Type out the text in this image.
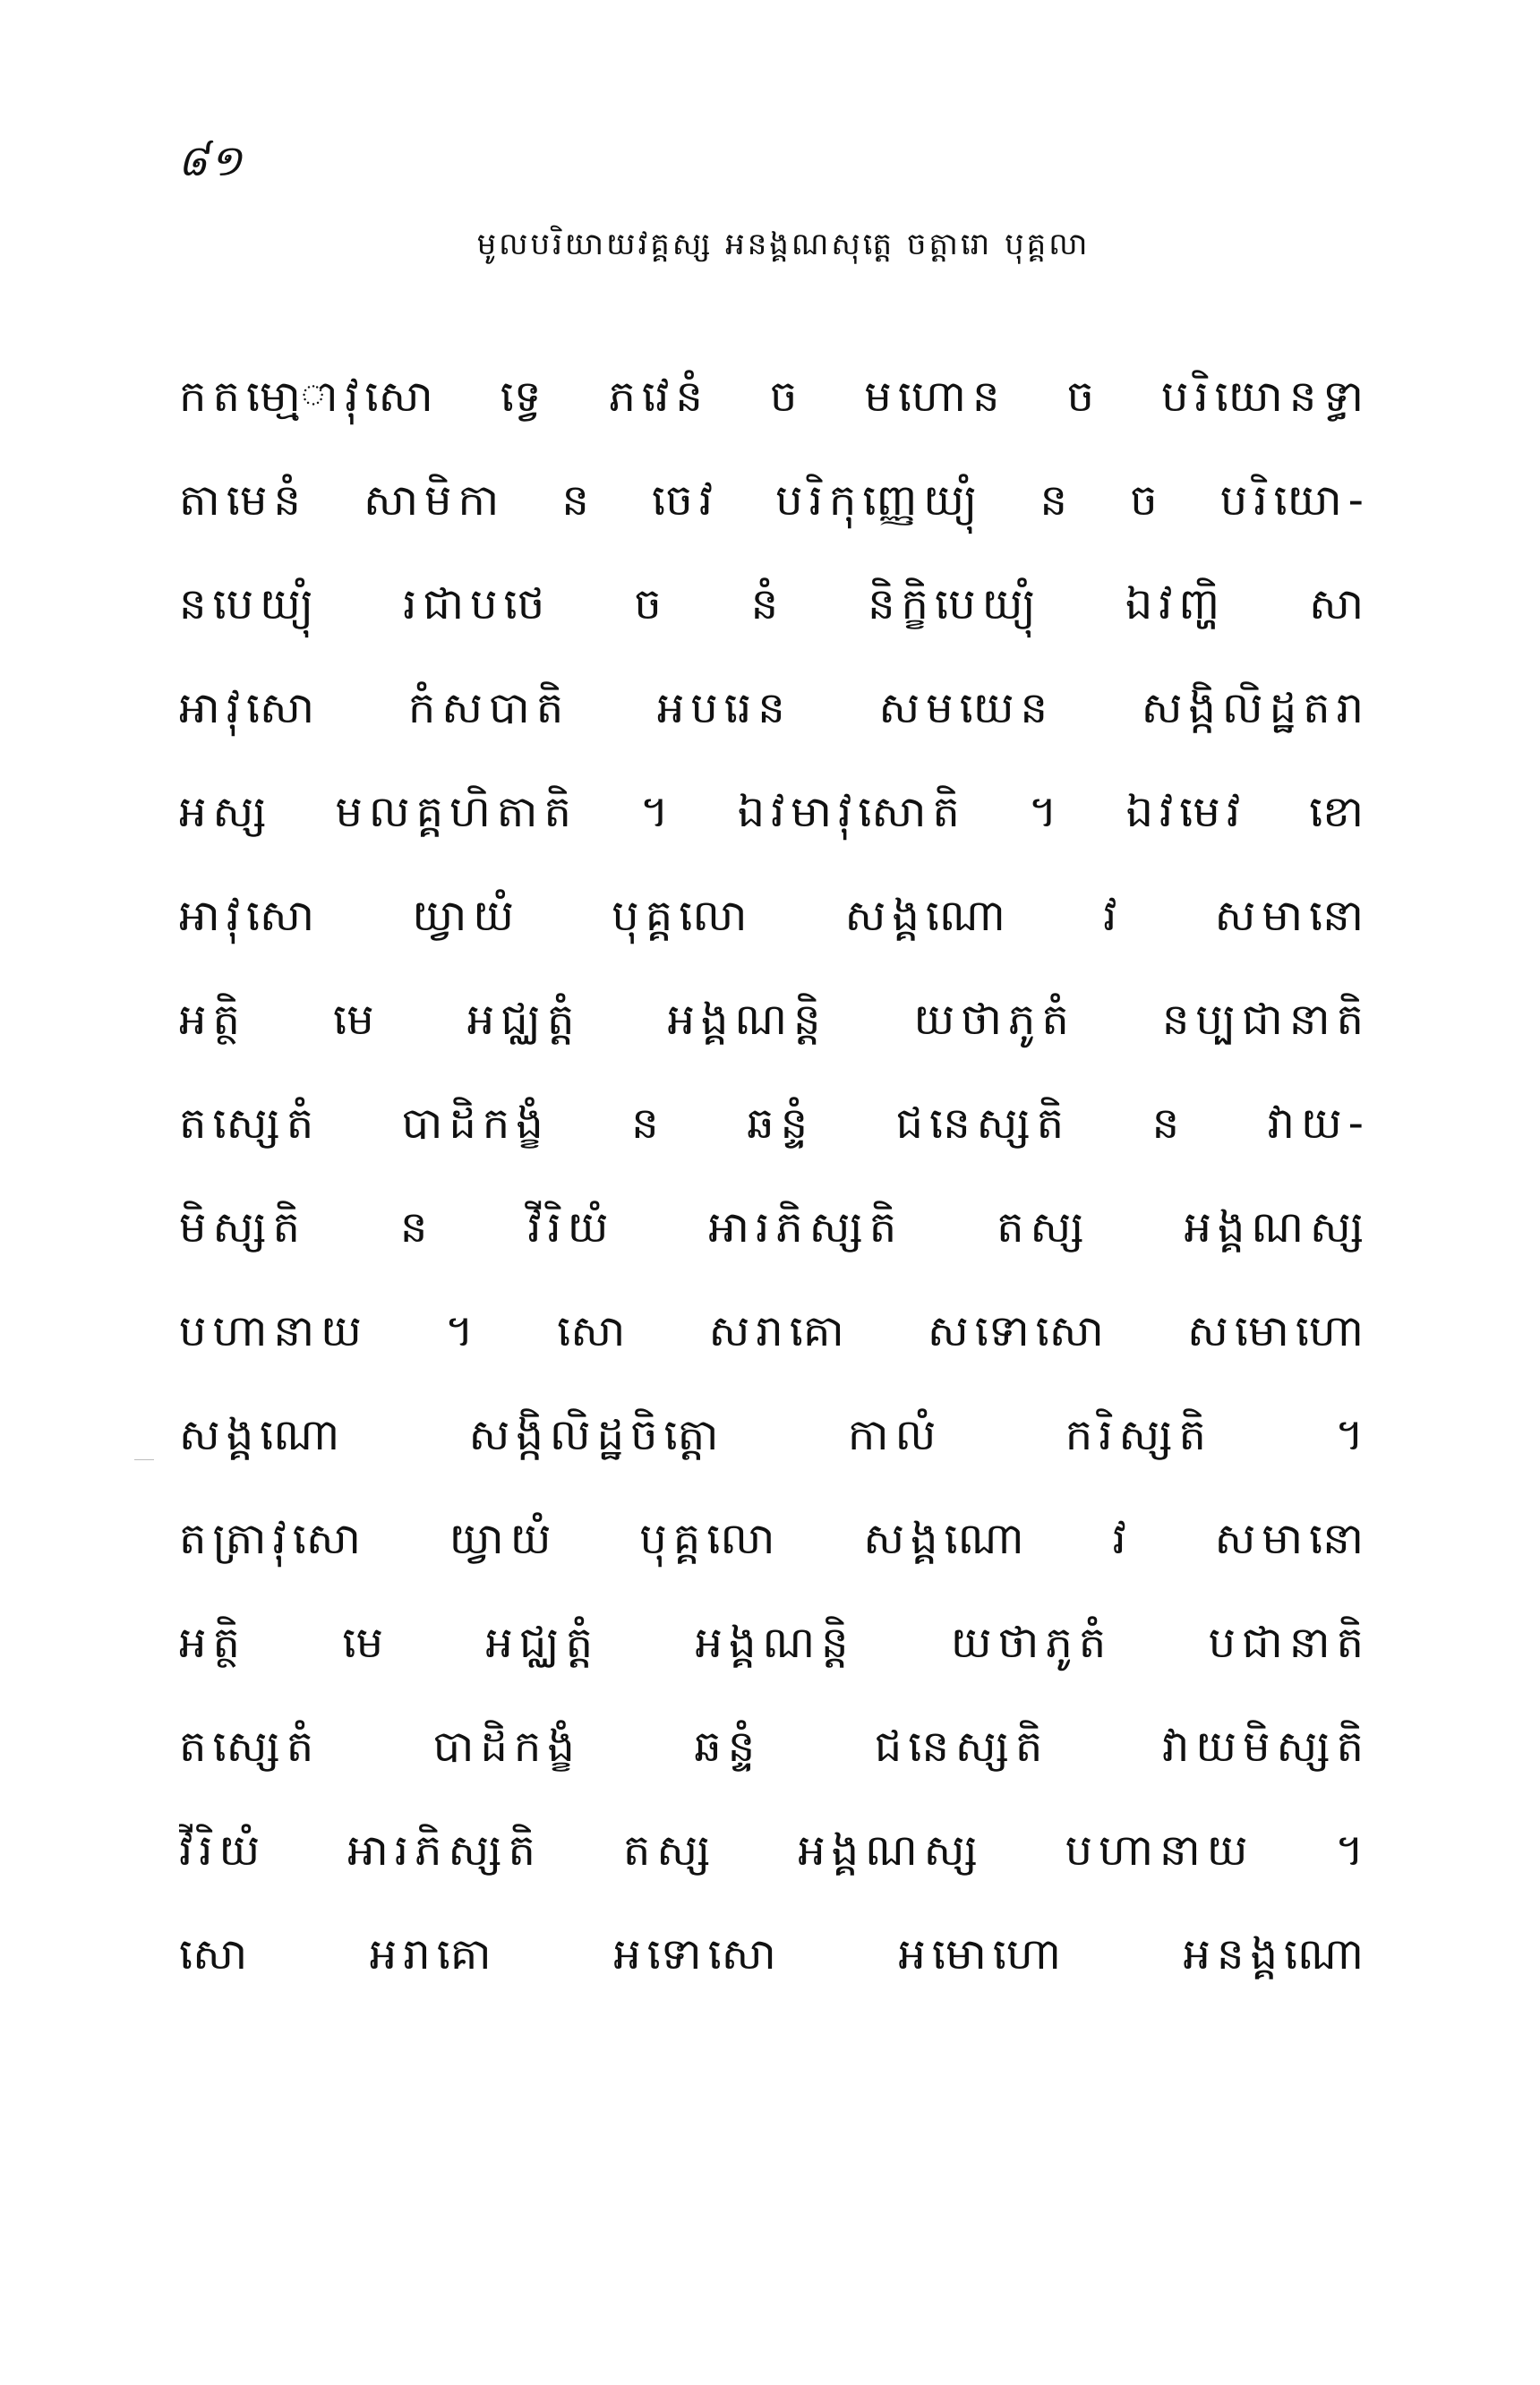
៨១
មូលបរិយាយវគ្គស្ស អនង្គណសុត្តេ ចត្តារោ បុគ្គលា
កតមោ្មាវុសោ ទ្វេ ភវេនំ ច មហោន ច បរិយោនទ្ធា
តាមេនំ សាមិកា ន ចេវ បរិកុញ្ញេយ្យុំ ន ច បរិយោ-
នបេយ្យុំ រជាបថេ ច នំ និក្ខិបេយ្យុំ ឯវញ្ហិ សា
អាវុសោ កំសបាតិ អបរេន សមយេន សង្កិលិដ្ឋតរា
អស្ស មលគ្គហិតាតិ ។ ឯវមាវុសោតិ ។ ឯវមេវ ខោ
អាវុសោ យ្វាយំ បុគ្គលោ សង្គណោ វ សមានោ
អត្ថិ មេ អជ្ឈត្តំ អង្គណន្តិ យថាភូតំ នប្បជានាតិ
តស្សេតំ បាដិកង្ខំ ន ឆន្ទំ ជនេស្សតិ ន វាយ-
មិស្សតិ ន វីរិយំ អារភិស្សតិ តស្ស អង្គណស្ស
បហានាយ ។ សោ សរាគោ សទោសោ សមោហោ
សង្គណោ សង្កិលិដ្ឋចិត្តោ កាលំ ករិស្សតិ ។
តត្រាវុសោ យ្វាយំ បុគ្គលោ សង្គណោ វ សមានោ
អត្ថិ មេ អជ្ឈត្តំ អង្គណន្តិ យថាភូតំ បជានាតិ
តស្សេតំ បាដិកង្ខំ ឆន្ទំ ជនេស្សតិ វាយមិស្សតិ
វីរិយំ អារភិស្សតិ តស្ស អង្គណស្ស បហានាយ ។
សោ អរាគោ អទោសោ អមោហោ អនង្គណោ
